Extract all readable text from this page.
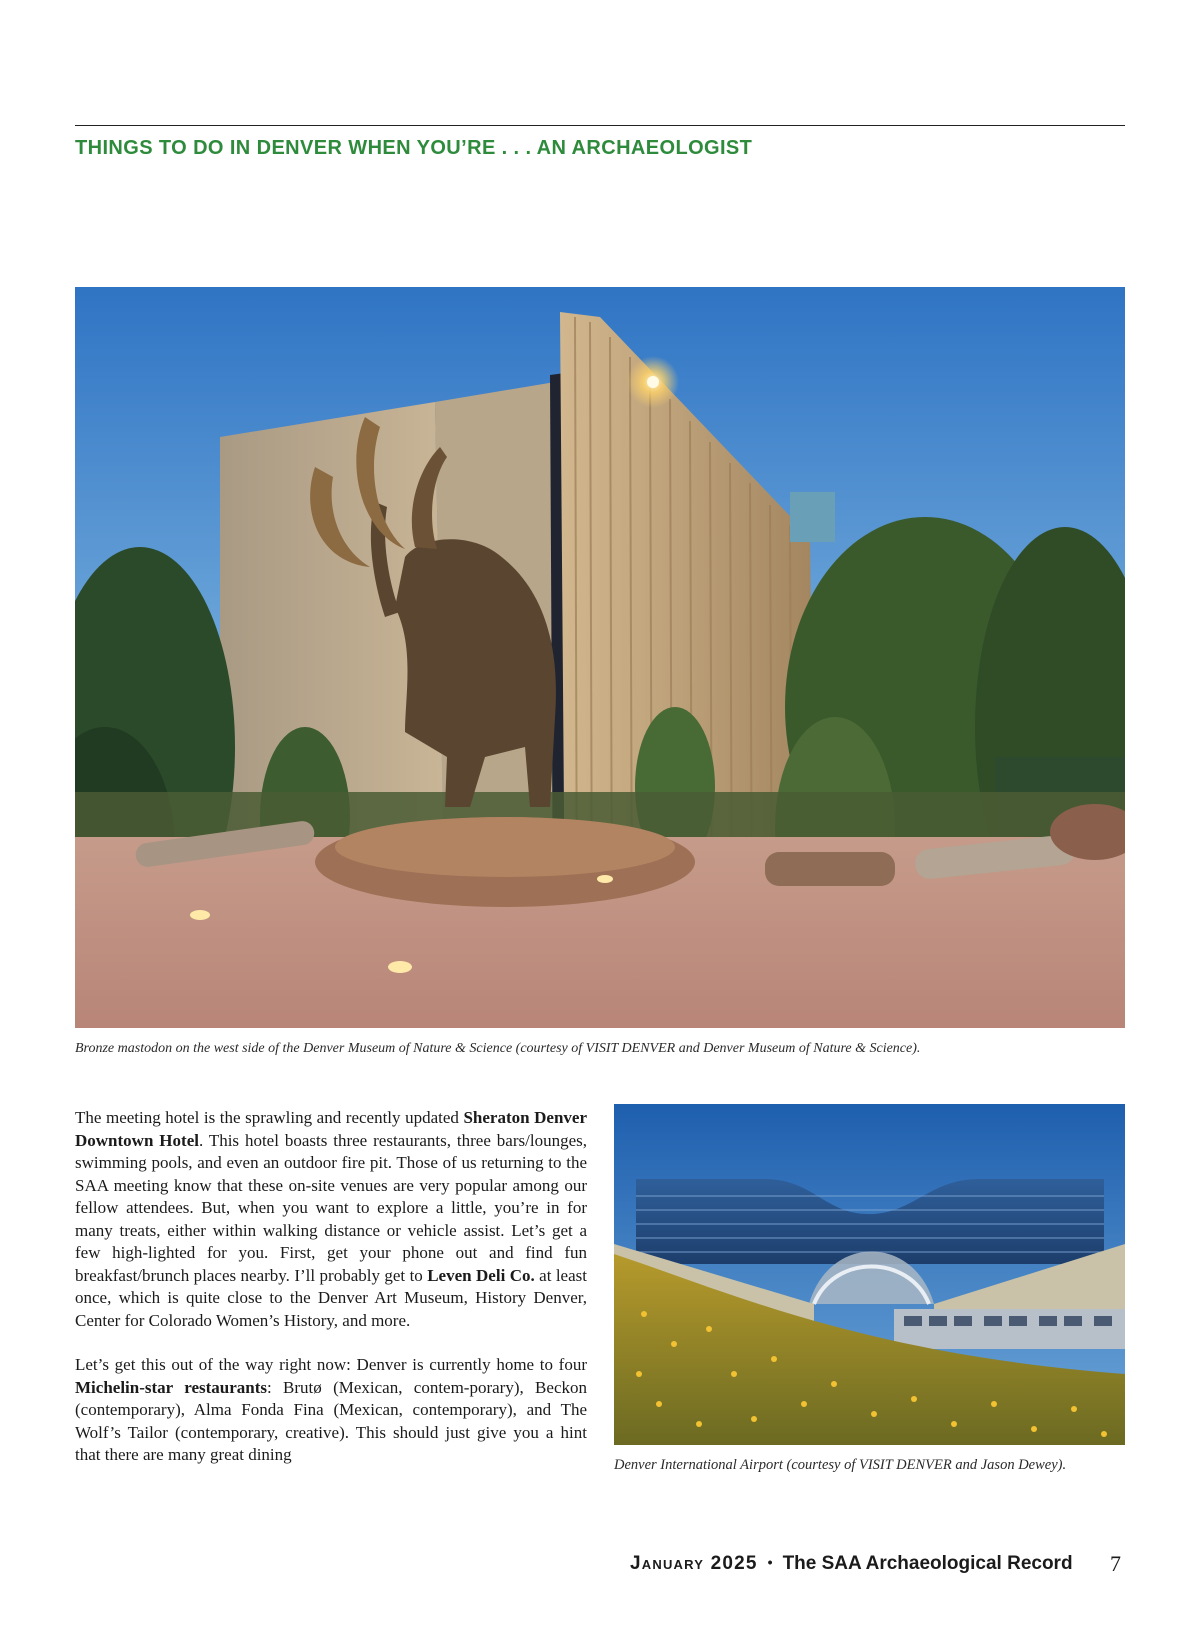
THINGS TO DO IN DENVER WHEN YOU’RE . . . AN ARCHAEOLOGIST

Bronze mastodon on the west side of the Denver Museum of Nature & Science (courtesy of VISIT DENVER and Denver Museum of Nature & Science).

The meeting hotel is the sprawling and recently updated Sheraton Denver Downtown Hotel. This hotel boasts three restaurants, three bars/lounges, swimming pools, and even an outdoor fire pit. Those of us returning to the SAA meeting know that these on-site venues are very popular among our fellow attendees. But, when you want to explore a little, you’re in for many treats, either within walking distance or vehicle assist. Let’s get a few high-lighted for you. First, get your phone out and find fun breakfast/brunch places nearby. I’ll probably get to Leven Deli Co. at least once, which is quite close to the Denver Art Museum, History Denver, Center for Colorado Women’s History, and more.

Let’s get this out of the way right now: Denver is currently home to four Michelin-star restaurants: Brutø (Mexican, contem-porary), Beckon (contemporary), Alma Fonda Fina (Mexican, contemporary), and The Wolf’s Tailor (contemporary, creative). This should just give you a hint that there are many great dining

Denver International Airport (courtesy of VISIT DENVER and Jason Dewey).

January 2025 • The SAA Archaeological Record 7
